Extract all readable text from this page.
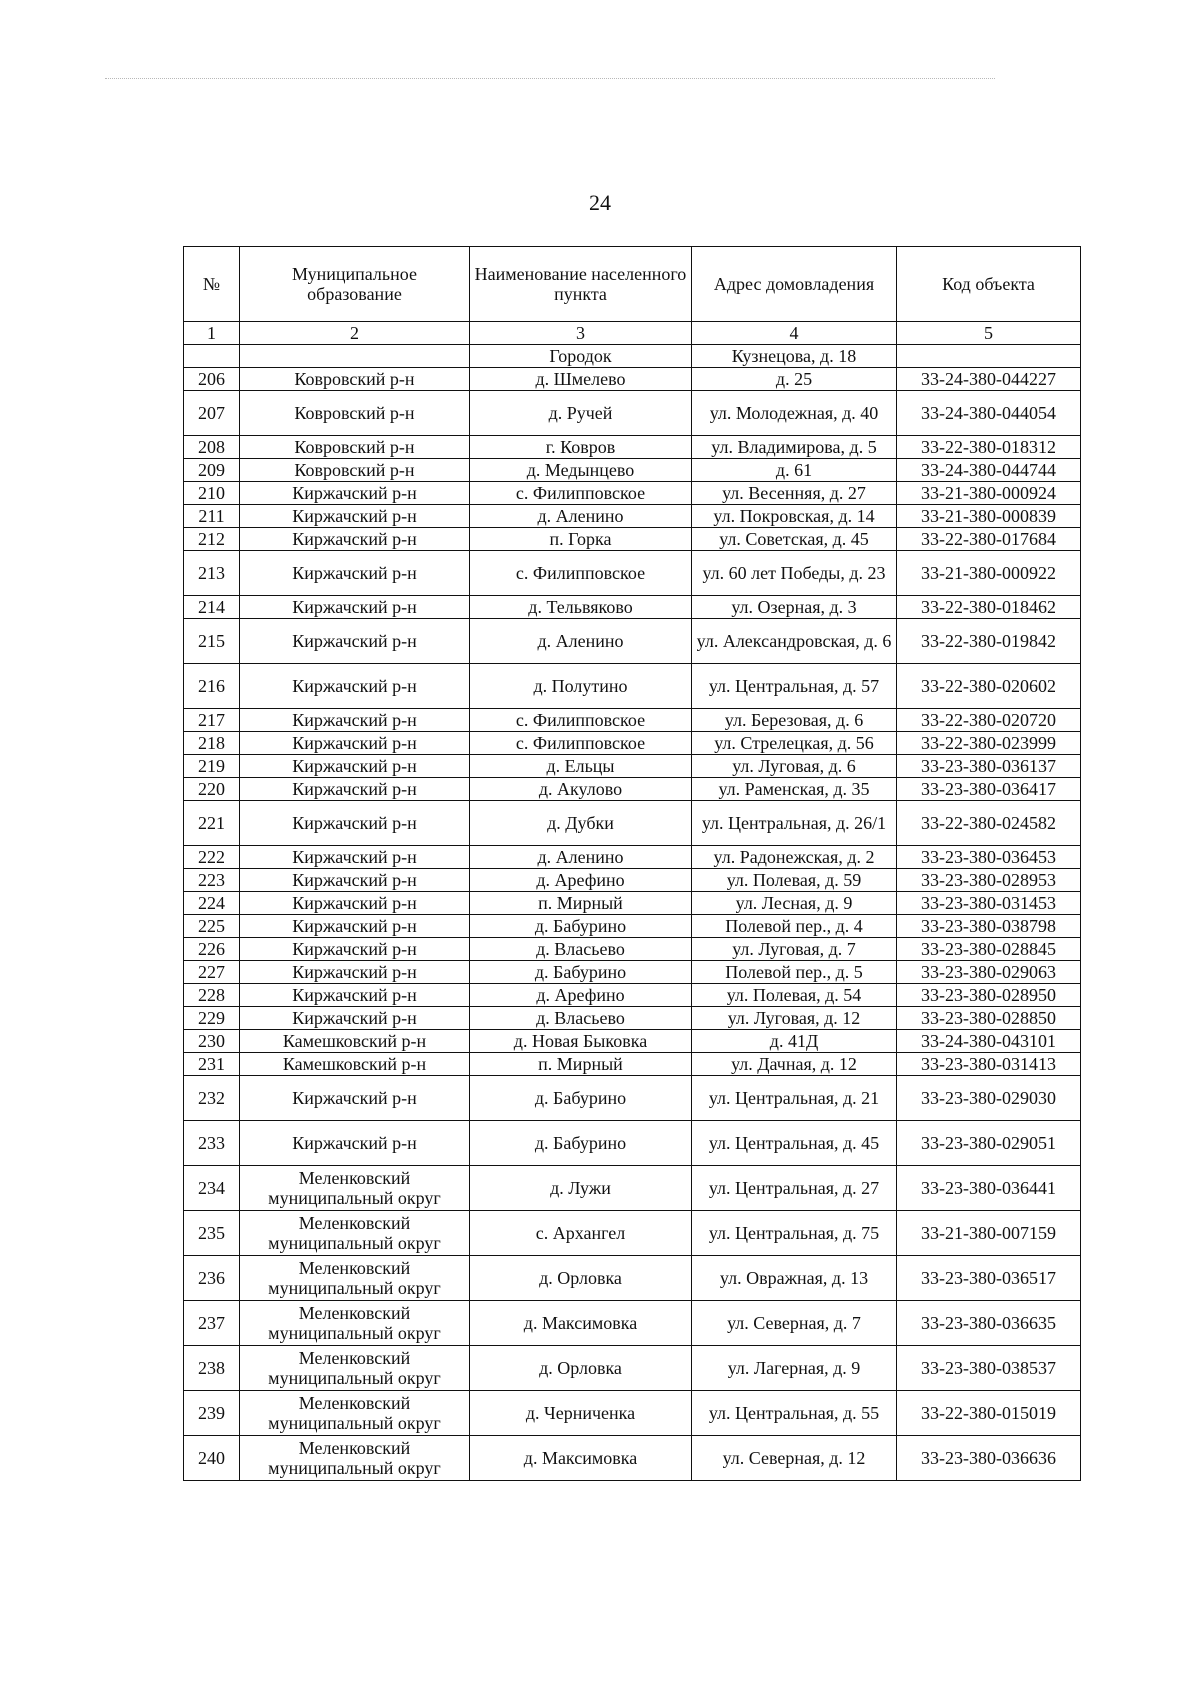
24
№	Муниципальное образование	Наименование населенного пункта	Адрес домовладения	Код объекта
1	2	3	4	5
		Городок	Кузнецова, д. 18	
206	Ковровский р-н	д. Шмелево	д. 25	33-24-380-044227
207	Ковровский р-н	д. Ручей	ул. Молодежная, д. 40	33-24-380-044054
208	Ковровский р-н	г. Ковров	ул. Владимирова, д. 5	33-22-380-018312
209	Ковровский р-н	д. Медынцево	д. 61	33-24-380-044744
210	Киржачский р-н	с. Филипповское	ул. Весенняя, д. 27	33-21-380-000924
211	Киржачский р-н	д. Аленино	ул. Покровская, д. 14	33-21-380-000839
212	Киржачский р-н	п. Горка	ул. Советская, д. 45	33-22-380-017684
213	Киржачский р-н	с. Филипповское	ул. 60 лет Победы, д. 23	33-21-380-000922
214	Киржачский р-н	д. Тельвяково	ул. Озерная, д. 3	33-22-380-018462
215	Киржачский р-н	д. Аленино	ул. Александровская, д. 6	33-22-380-019842
216	Киржачский р-н	д. Полутино	ул. Центральная, д. 57	33-22-380-020602
217	Киржачский р-н	с. Филипповское	ул. Березовая, д. 6	33-22-380-020720
218	Киржачский р-н	с. Филипповское	ул. Стрелецкая, д. 56	33-22-380-023999
219	Киржачский р-н	д. Ельцы	ул. Луговая, д. 6	33-23-380-036137
220	Киржачский р-н	д. Акулово	ул. Раменская, д. 35	33-23-380-036417
221	Киржачский р-н	д. Дубки	ул. Центральная, д. 26/1	33-22-380-024582
222	Киржачский р-н	д. Аленино	ул. Радонежская, д. 2	33-23-380-036453
223	Киржачский р-н	д. Арефино	ул. Полевая, д. 59	33-23-380-028953
224	Киржачский р-н	п. Мирный	ул. Лесная, д. 9	33-23-380-031453
225	Киржачский р-н	д. Бабурино	Полевой пер., д. 4	33-23-380-038798
226	Киржачский р-н	д. Власьево	ул. Луговая, д. 7	33-23-380-028845
227	Киржачский р-н	д. Бабурино	Полевой пер., д. 5	33-23-380-029063
228	Киржачский р-н	д. Арефино	ул. Полевая, д. 54	33-23-380-028950
229	Киржачский р-н	д. Власьево	ул. Луговая, д. 12	33-23-380-028850
230	Камешковский р-н	д. Новая Быковка	д. 41Д	33-24-380-043101
231	Камешковский р-н	п. Мирный	ул. Дачная, д. 12	33-23-380-031413
232	Киржачский р-н	д. Бабурино	ул. Центральная, д. 21	33-23-380-029030
233	Киржачский р-н	д. Бабурино	ул. Центральная, д. 45	33-23-380-029051
234	Меленковский муниципальный округ	д. Лужи	ул. Центральная, д. 27	33-23-380-036441
235	Меленковский муниципальный округ	с. Архангел	ул. Центральная, д. 75	33-21-380-007159
236	Меленковский муниципальный округ	д. Орловка	ул. Овражная, д. 13	33-23-380-036517
237	Меленковский муниципальный округ	д. Максимовка	ул. Северная, д. 7	33-23-380-036635
238	Меленковский муниципальный округ	д. Орловка	ул. Лагерная, д. 9	33-23-380-038537
239	Меленковский муниципальный округ	д. Черниченка	ул. Центральная, д. 55	33-22-380-015019
240	Меленковский муниципальный округ	д. Максимовка	ул. Северная, д. 12	33-23-380-036636
